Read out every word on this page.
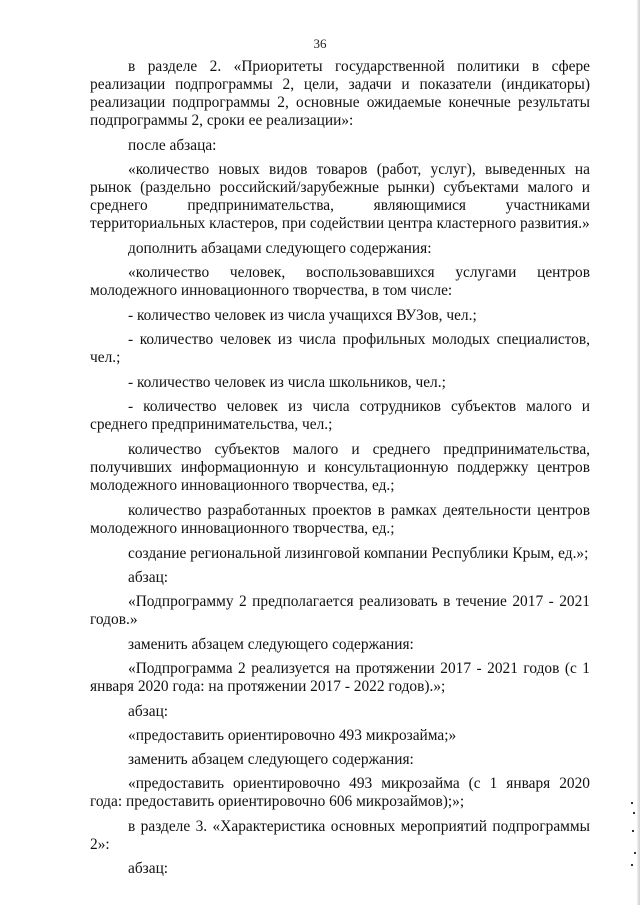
36

в разделе 2. «Приоритеты государственной политики в сфере реализации подпрограммы 2, цели, задачи и показатели (индикаторы) реализации подпрограммы 2, основные ожидаемые конечные результаты подпрограммы 2, сроки ее реализации»:

после абзаца:

«количество новых видов товаров (работ, услуг), выведенных на рынок (раздельно российский/зарубежные рынки) субъектами малого и среднего предпринимательства, являющимися участниками территориальных кластеров, при содействии центра кластерного развития.»

дополнить абзацами следующего содержания:

«количество человек, воспользовавшихся услугами центров молодежного инновационного творчества, в том числе:

- количество человек из числа учащихся ВУЗов, чел.;

- количество человек из числа профильных молодых специалистов, чел.;

- количество человек из числа школьников, чел.;

- количество человек из числа сотрудников субъектов малого и среднего предпринимательства, чел.;

количество субъектов малого и среднего предпринимательства, получивших информационную и консультационную поддержку центров молодежного инновационного творчества, ед.;

количество разработанных проектов в рамках деятельности центров молодежного инновационного творчества, ед.;

создание региональной лизинговой компании Республики Крым, ед.»;

абзац:

«Подпрограмму 2 предполагается реализовать в течение 2017 - 2021 годов.»

заменить абзацем следующего содержания:

«Подпрограмма 2 реализуется на протяжении 2017 - 2021 годов (с 1 января 2020 года: на протяжении 2017 - 2022 годов).»;

абзац:

«предоставить ориентировочно 493 микрозайма;»

заменить абзацем следующего содержания:

«предоставить ориентировочно 493 микрозайма (с 1 января 2020 года: предоставить ориентировочно 606 микрозаймов);»;

в разделе 3. «Характеристика основных мероприятий подпрограммы 2»:

абзац:
